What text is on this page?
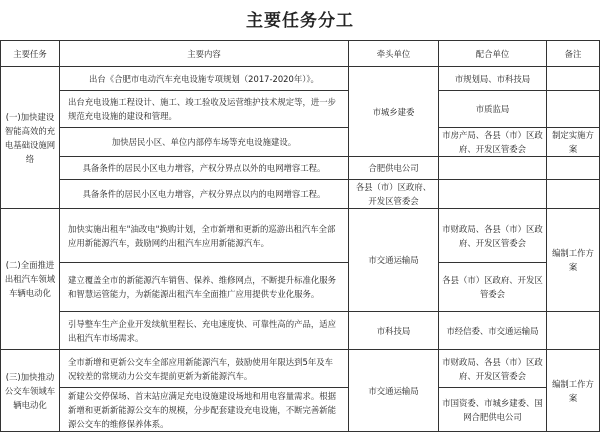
主要任务分工
主要任务	主要内容	牵头单位	配合单位	备注
(一)加快建设智能高效的充电基础设施网络	出台《合肥市电动汽车充电设施专项规划（2017-2020年）》。	市城乡建委	市规划局、市科技局	
	出台充电设施工程设计、施工、竣工验收及运营维护技术规定等，进一步规范充电设施的建设和管理。		市质监局	
	加快居民小区、单位内部停车场等充电设施建设。		市房产局、各县（市）区政府、开发区管委会	制定实施方案
	具备条件的居民小区电力增容，产权分界点以外的电网增容工程。	合肥供电公司		
	具备条件的居民小区电力增容，产权分界点以内的电网增容工程。	各县（市）区政府、开发区管委会		
(二)全面推进出租汽车领域车辆电动化	加快实施出租车"油改电"换购计划，全市新增和更新的巡游出租汽车全部应用新能源汽车，鼓励网约出租汽车应用新能源汽车。	市交通运输局	市财政局、各县（市）区政府、开发区管委会	编制工作方案
	建立覆盖全市的新能源汽车销售、保养、维修网点，不断提升标准化服务和智慧运管能力，为新能源出租汽车全面推广应用提供专业化服务。		各县（市）区政府、开发区管委会	
	引导整车生产企业开发续航里程长、充电速度快、可靠性高的产品，适应出租汽车市场需求。	市科技局	市经信委、市交通运输局	
(三)加快推动公交车领域车辆电动化	全市新增和更新公交车全部应用新能源汽车，鼓励使用年限达到5年及车况较差的常规动力公交车提前更新为新能源汽车。	市交通运输局	市财政局、各县（市）区政府、开发区管委会	编制工作方案
	新建公交停保场、首末站应满足充电设施建设场地和用电容量需求。根据新增和更新新能源公交车的规模，分步配套建设充电设施，不断完善新能源公交车的维修保养体系。		市国资委、市城乡建委、国网合肥供电公司	
